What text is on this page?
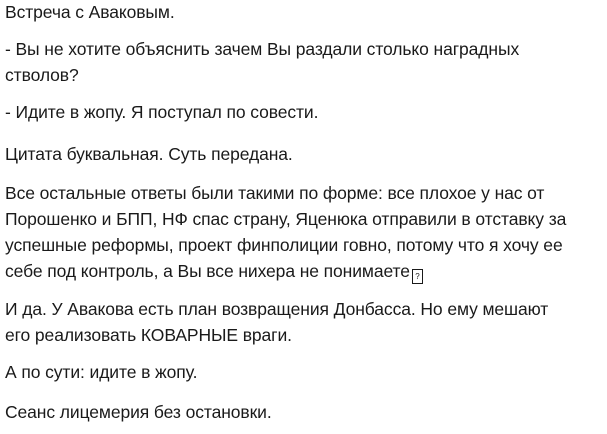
Встреча с Аваковым.

- Вы не хотите объяснить зачем Вы раздали столько наградных
стволов?

- Идите в жопу. Я поступал по совести.

Цитата буквальная. Суть передана.

Все остальные ответы были такими по форме: все плохое у нас от
Порошенко и БПП, НФ спас страну, Яценюка отправили в отставку за
успешные реформы, проект финполиции говно, потому что я хочу ее
себе под контроль, а Вы все нихера не понимаете ?

И да. У Авакова есть план возвращения Донбасса. Но ему мешают
его реализовать КОВАРНЫЕ враги.

А по сути: идите в жопу.

Сеанс лицемерия без остановки.
